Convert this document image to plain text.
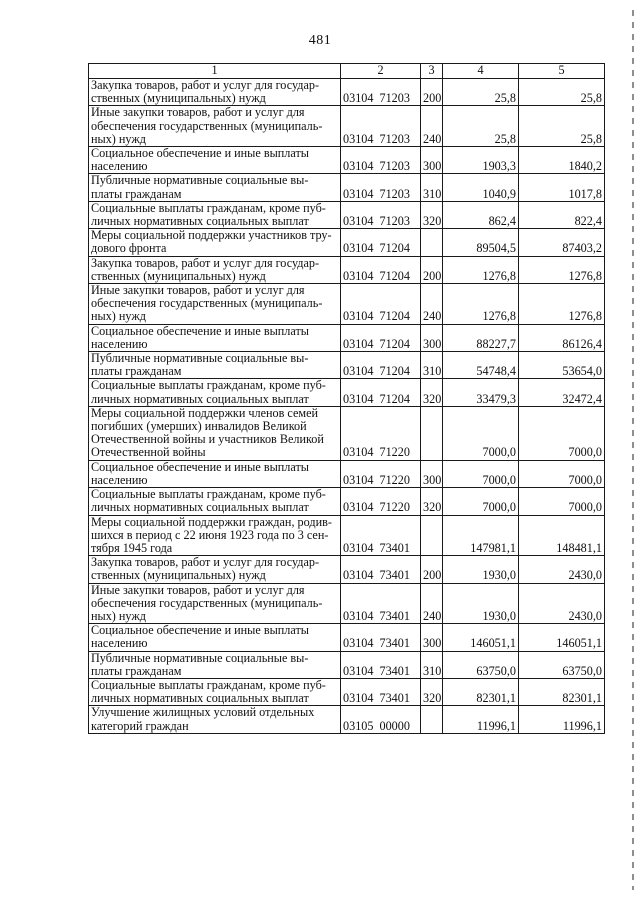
481
1	2	3	4	5

Закупка товаров, работ и услуг для государ-
ственных (муниципальных) нужд	03104 71203	200	25,8	25,8

Иные закупки товаров, работ и услуг для
обеспечения государственных (муниципаль-
ных) нужд	03104 71203	240	25,8	25,8

Социальное обеспечение и иные выплаты
населению	03104 71203	300	1903,3	1840,2

Публичные нормативные социальные вы-
платы гражданам	03104 71203	310	1040,9	1017,8

Социальные выплаты гражданам, кроме пуб-
личных нормативных социальных выплат	03104 71203	320	862,4	822,4

Меры социальной поддержки участников тру-
дового фронта	03104 71204		89504,5	87403,2

Закупка товаров, работ и услуг для государ-
ственных (муниципальных) нужд	03104 71204	200	1276,8	1276,8

Иные закупки товаров, работ и услуг для
обеспечения государственных (муниципаль-
ных) нужд	03104 71204	240	1276,8	1276,8

Социальное обеспечение и иные выплаты
населению	03104 71204	300	88227,7	86126,4

Публичные нормативные социальные вы-
платы гражданам	03104 71204	310	54748,4	53654,0

Социальные выплаты гражданам, кроме пуб-
личных нормативных социальных выплат	03104 71204	320	33479,3	32472,4

Меры социальной поддержки членов семей
погибших (умерших) инвалидов Великой
Отечественной войны и участников Великой
Отечественной войны	03104 71220		7000,0	7000,0

Социальное обеспечение и иные выплаты
населению	03104 71220	300	7000,0	7000,0

Социальные выплаты гражданам, кроме пуб-
личных нормативных социальных выплат	03104 71220	320	7000,0	7000,0

Меры социальной поддержки граждан, родив-
шихся в период с 22 июня 1923 года по 3 сен-
тября 1945 года	03104 73401		147981,1	148481,1

Закупка товаров, работ и услуг для государ-
ственных (муниципальных) нужд	03104 73401	200	1930,0	2430,0

Иные закупки товаров, работ и услуг для
обеспечения государственных (муниципаль-
ных) нужд	03104 73401	240	1930,0	2430,0

Социальное обеспечение и иные выплаты
населению	03104 73401	300	146051,1	146051,1

Публичные нормативные социальные вы-
платы гражданам	03104 73401	310	63750,0	63750,0

Социальные выплаты гражданам, кроме пуб-
личных нормативных социальных выплат	03104 73401	320	82301,1	82301,1

Улучшение жилищных условий отдельных
категорий граждан	03105 00000		11996,1	11996,1
